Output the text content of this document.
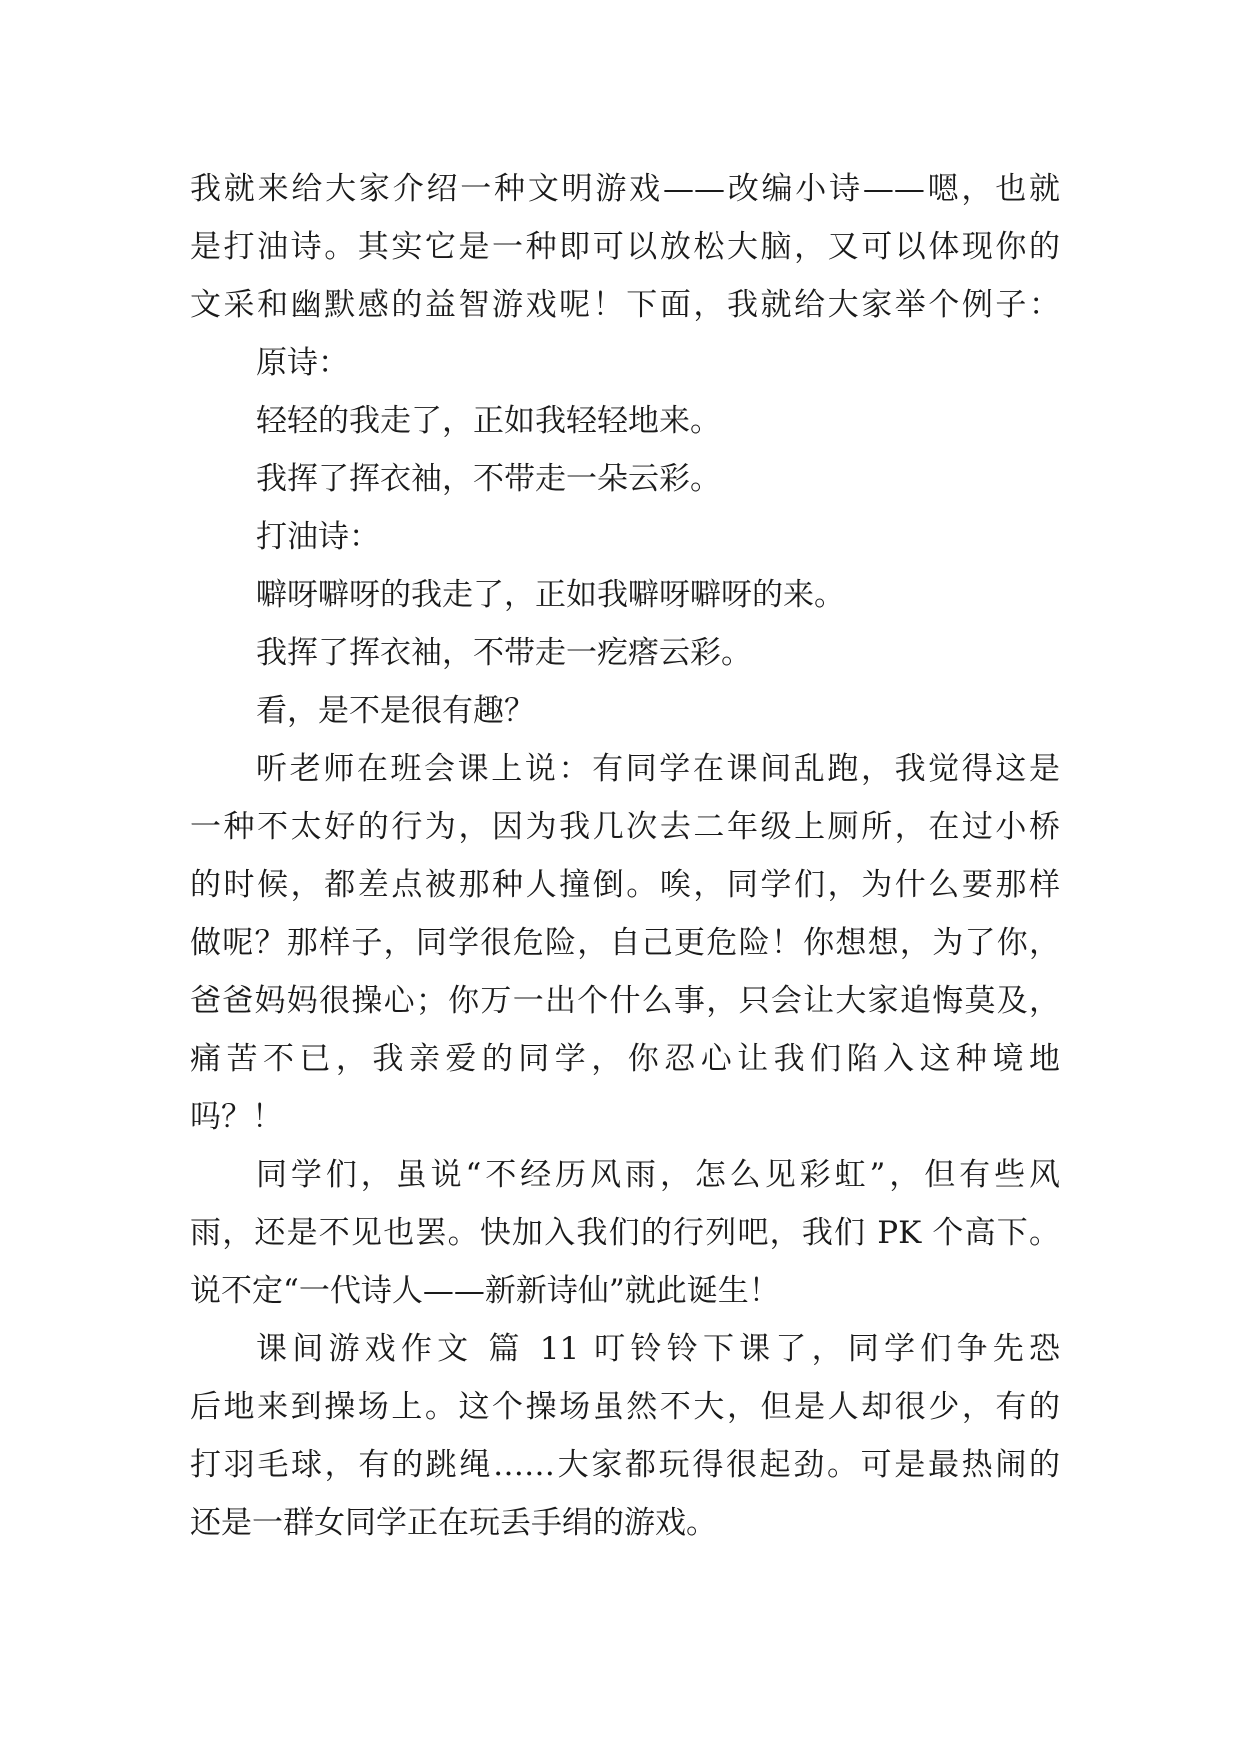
我就来给大家介绍一种文明游戏——改编小诗——嗯，也就
是打油诗。其实它是一种即可以放松大脑，又可以体现你的
文采和幽默感的益智游戏呢！下面，我就给大家举个例子：
原诗：
轻轻的我走了，正如我轻轻地来。
我挥了挥衣袖，不带走一朵云彩。
打油诗：
噼呀噼呀的我走了，正如我噼呀噼呀的来。
我挥了挥衣袖，不带走一疙瘩云彩。
看，是不是很有趣？
听老师在班会课上说：有同学在课间乱跑，我觉得这是
一种不太好的行为，因为我几次去二年级上厕所，在过小桥
的时候，都差点被那种人撞倒。唉，同学们，为什么要那样
做呢？那样子，同学很危险，自己更危险！你想想，为了你，
爸爸妈妈很操心；你万一出个什么事，只会让大家追悔莫及，
痛苦不已，我亲爱的同学，你忍心让我们陷入这种境地
吗？！
同学们，虽说“不经历风雨，怎么见彩虹”，但有些风
雨，还是不见也罢。快加入我们的行列吧，我们 PK 个高下。
说不定“一代诗人——新新诗仙”就此诞生！
课间游戏作文 篇 11 叮铃铃下课了，同学们争先恐
后地来到操场上。这个操场虽然不大，但是人却很少，有的
打羽毛球，有的跳绳……大家都玩得很起劲。可是最热闹的
还是一群女同学正在玩丢手绢的游戏。
